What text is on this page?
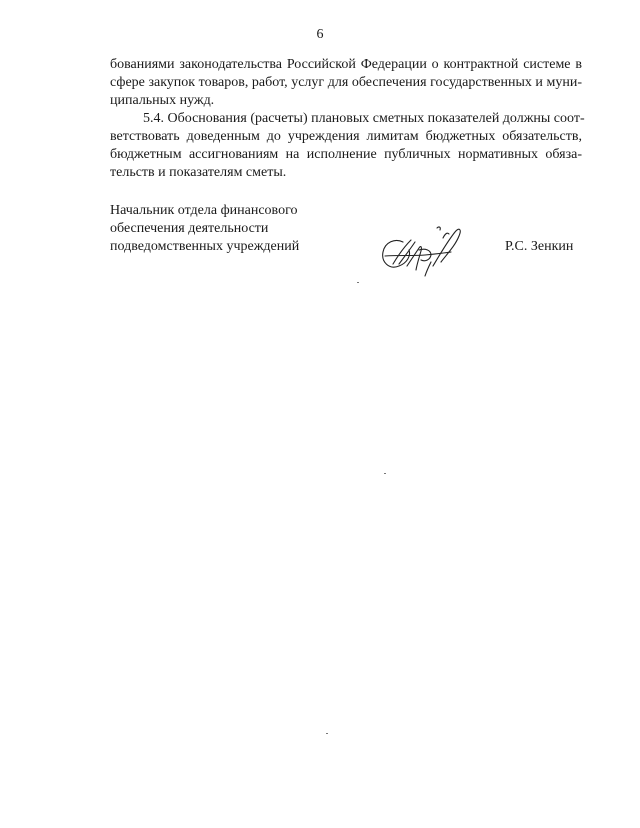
6
бованиями законодательства Российской Федерации о контрактной системе в
сфере закупок товаров, работ, услуг для обеспечения государственных и муни-
ципальных нужд.
5.4. Обоснования (расчеты) плановых сметных показателей должны соот-
ветствовать доведенным до учреждения лимитам бюджетных обязательств,
бюджетным ассигнованиям на исполнение публичных нормативных обяза-
тельств и показателям сметы.
Начальник отдела финансового
обеспечения деятельности
подведомственных учреждений	Р.С. Зенкин
